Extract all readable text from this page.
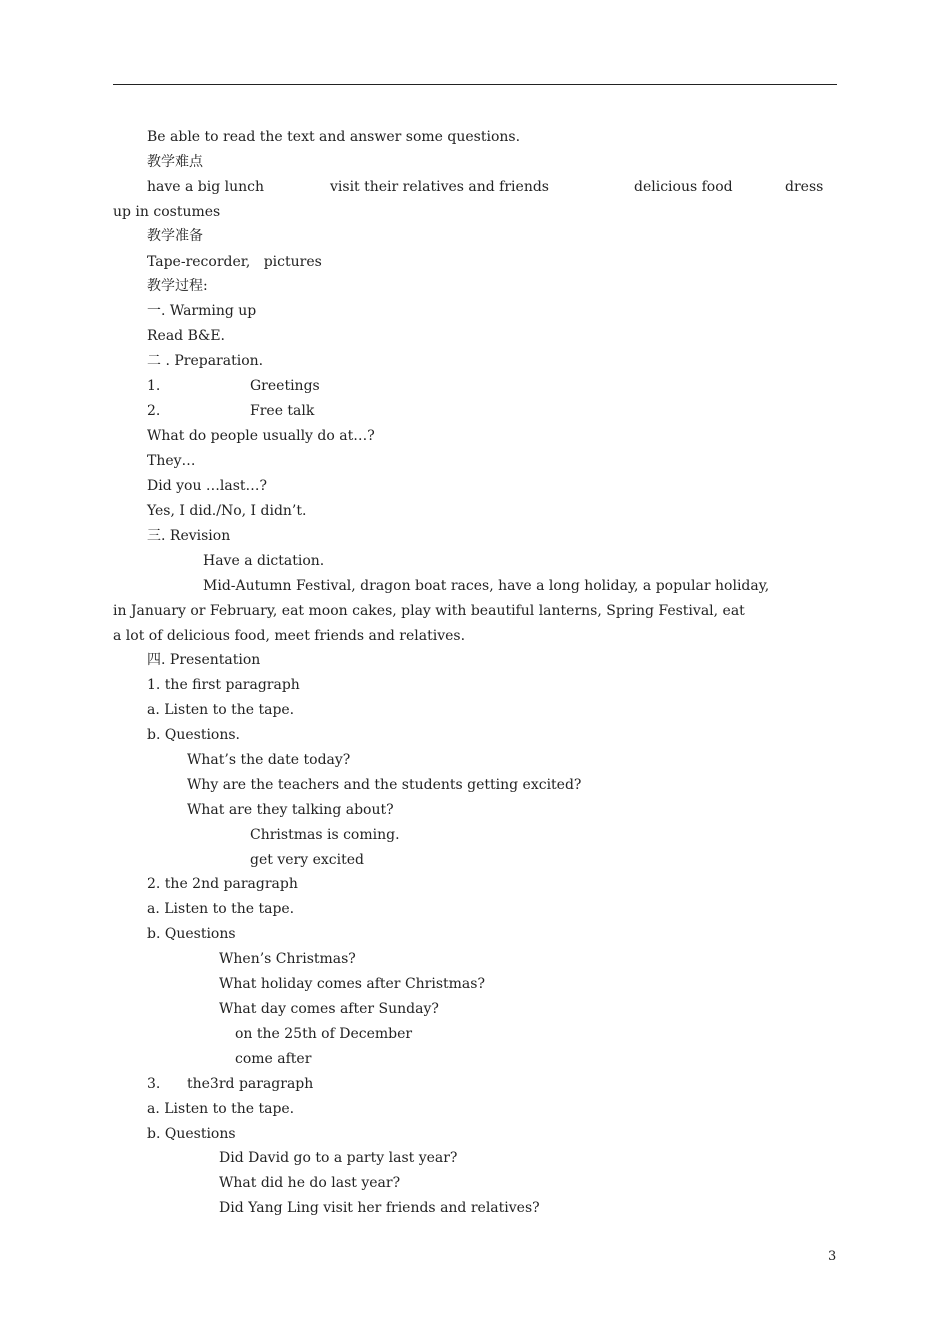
Be able to read the text and answer some questions.
教学难点
have a big lunch	visit their relatives and friends	delicious food	dress
up in costumes
教学准备
Tape-recorder,   pictures
教学过程:
一. Warming up
Read B&E.
二 . Preparation.
1.	Greetings
2.	Free talk
What do people usually do at…?
They…
Did you …last…?
Yes, I did./No, I didn’t.
三. Revision
Have a dictation.
Mid-Autumn Festival, dragon boat races, have a long holiday, a popular holiday,
in January or February, eat moon cakes, play with beautiful lanterns, Spring Festival, eat
a lot of delicious food, meet friends and relatives.
四. Presentation
1. the first paragraph
a. Listen to the tape.
b. Questions.
What’s the date today?
Why are the teachers and the students getting excited?
What are they talking about?
Christmas is coming.
get very excited
2. the 2nd paragraph
a. Listen to the tape.
b. Questions
When’s Christmas?
What holiday comes after Christmas?
What day comes after Sunday?
on the 25th of December
come after
3. the3rd paragraph
a. Listen to the tape.
b. Questions
Did David go to a party last year?
What did he do last year?
Did Yang Ling visit her friends and relatives?
3
